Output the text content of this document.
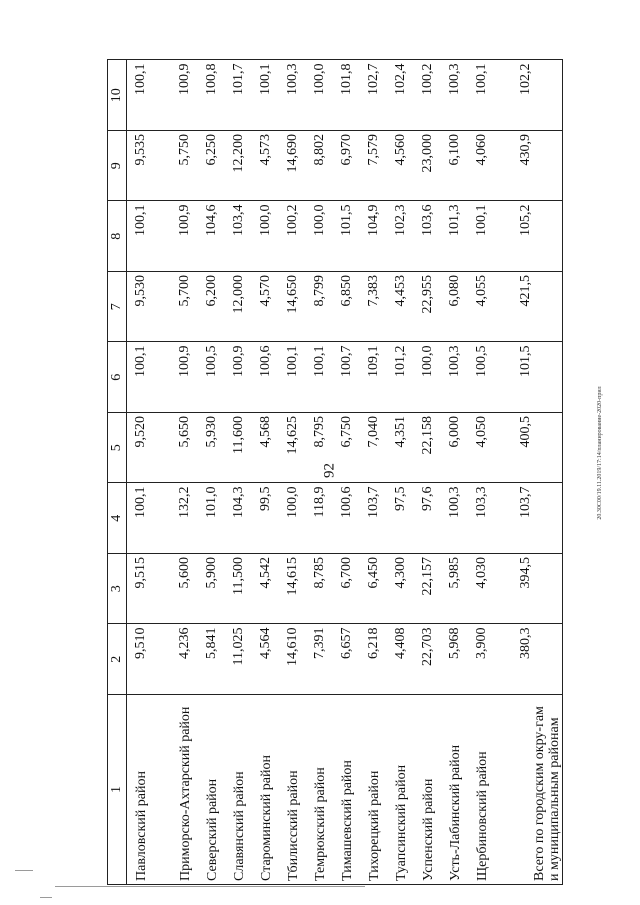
92	20.30С00/19.11.2019/17:14/планирование-2020-прил
1	2	3	4	5	6	7	8	9	10
Павловский район	9,510	9,515	100,1	9,520	100,1	9,530	100,1	9,535	100,1
Приморско-Ахтарский район	4,236	5,600	132,2	5,650	100,9	5,700	100,9	5,750	100,9
Северский район	5,841	5,900	101,0	5,930	100,5	6,200	104,6	6,250	100,8
Славянский район	11,025	11,500	104,3	11,600	100,9	12,000	103,4	12,200	101,7
Староминский район	4,564	4,542	99,5	4,568	100,6	4,570	100,0	4,573	100,1
Тбилисский район	14,610	14,615	100,0	14,625	100,1	14,650	100,2	14,690	100,3
Темрюкский район	7,391	8,785	118,9	8,795	100,1	8,799	100,0	8,802	100,0
Тимашевский район	6,657	6,700	100,6	6,750	100,7	6,850	101,5	6,970	101,8
Тихорецкий район	6,218	6,450	103,7	7,040	109,1	7,383	104,9	7,579	102,7
Туапсинский район	4,408	4,300	97,5	4,351	101,2	4,453	102,3	4,560	102,4
Успенский район	22,703	22,157	97,6	22,158	100,0	22,955	103,6	23,000	100,2
Усть-Лабинский район	5,968	5,985	100,3	6,000	100,3	6,080	101,3	6,100	100,3
Щербиновский район	3,900	4,030	103,3	4,050	100,5	4,055	100,1	4,060	100,1
Всего по городским окру-гам и муниципальным районам	380,3	394,5	103,7	400,5	101,5	421,5	105,2	430,9	102,2
